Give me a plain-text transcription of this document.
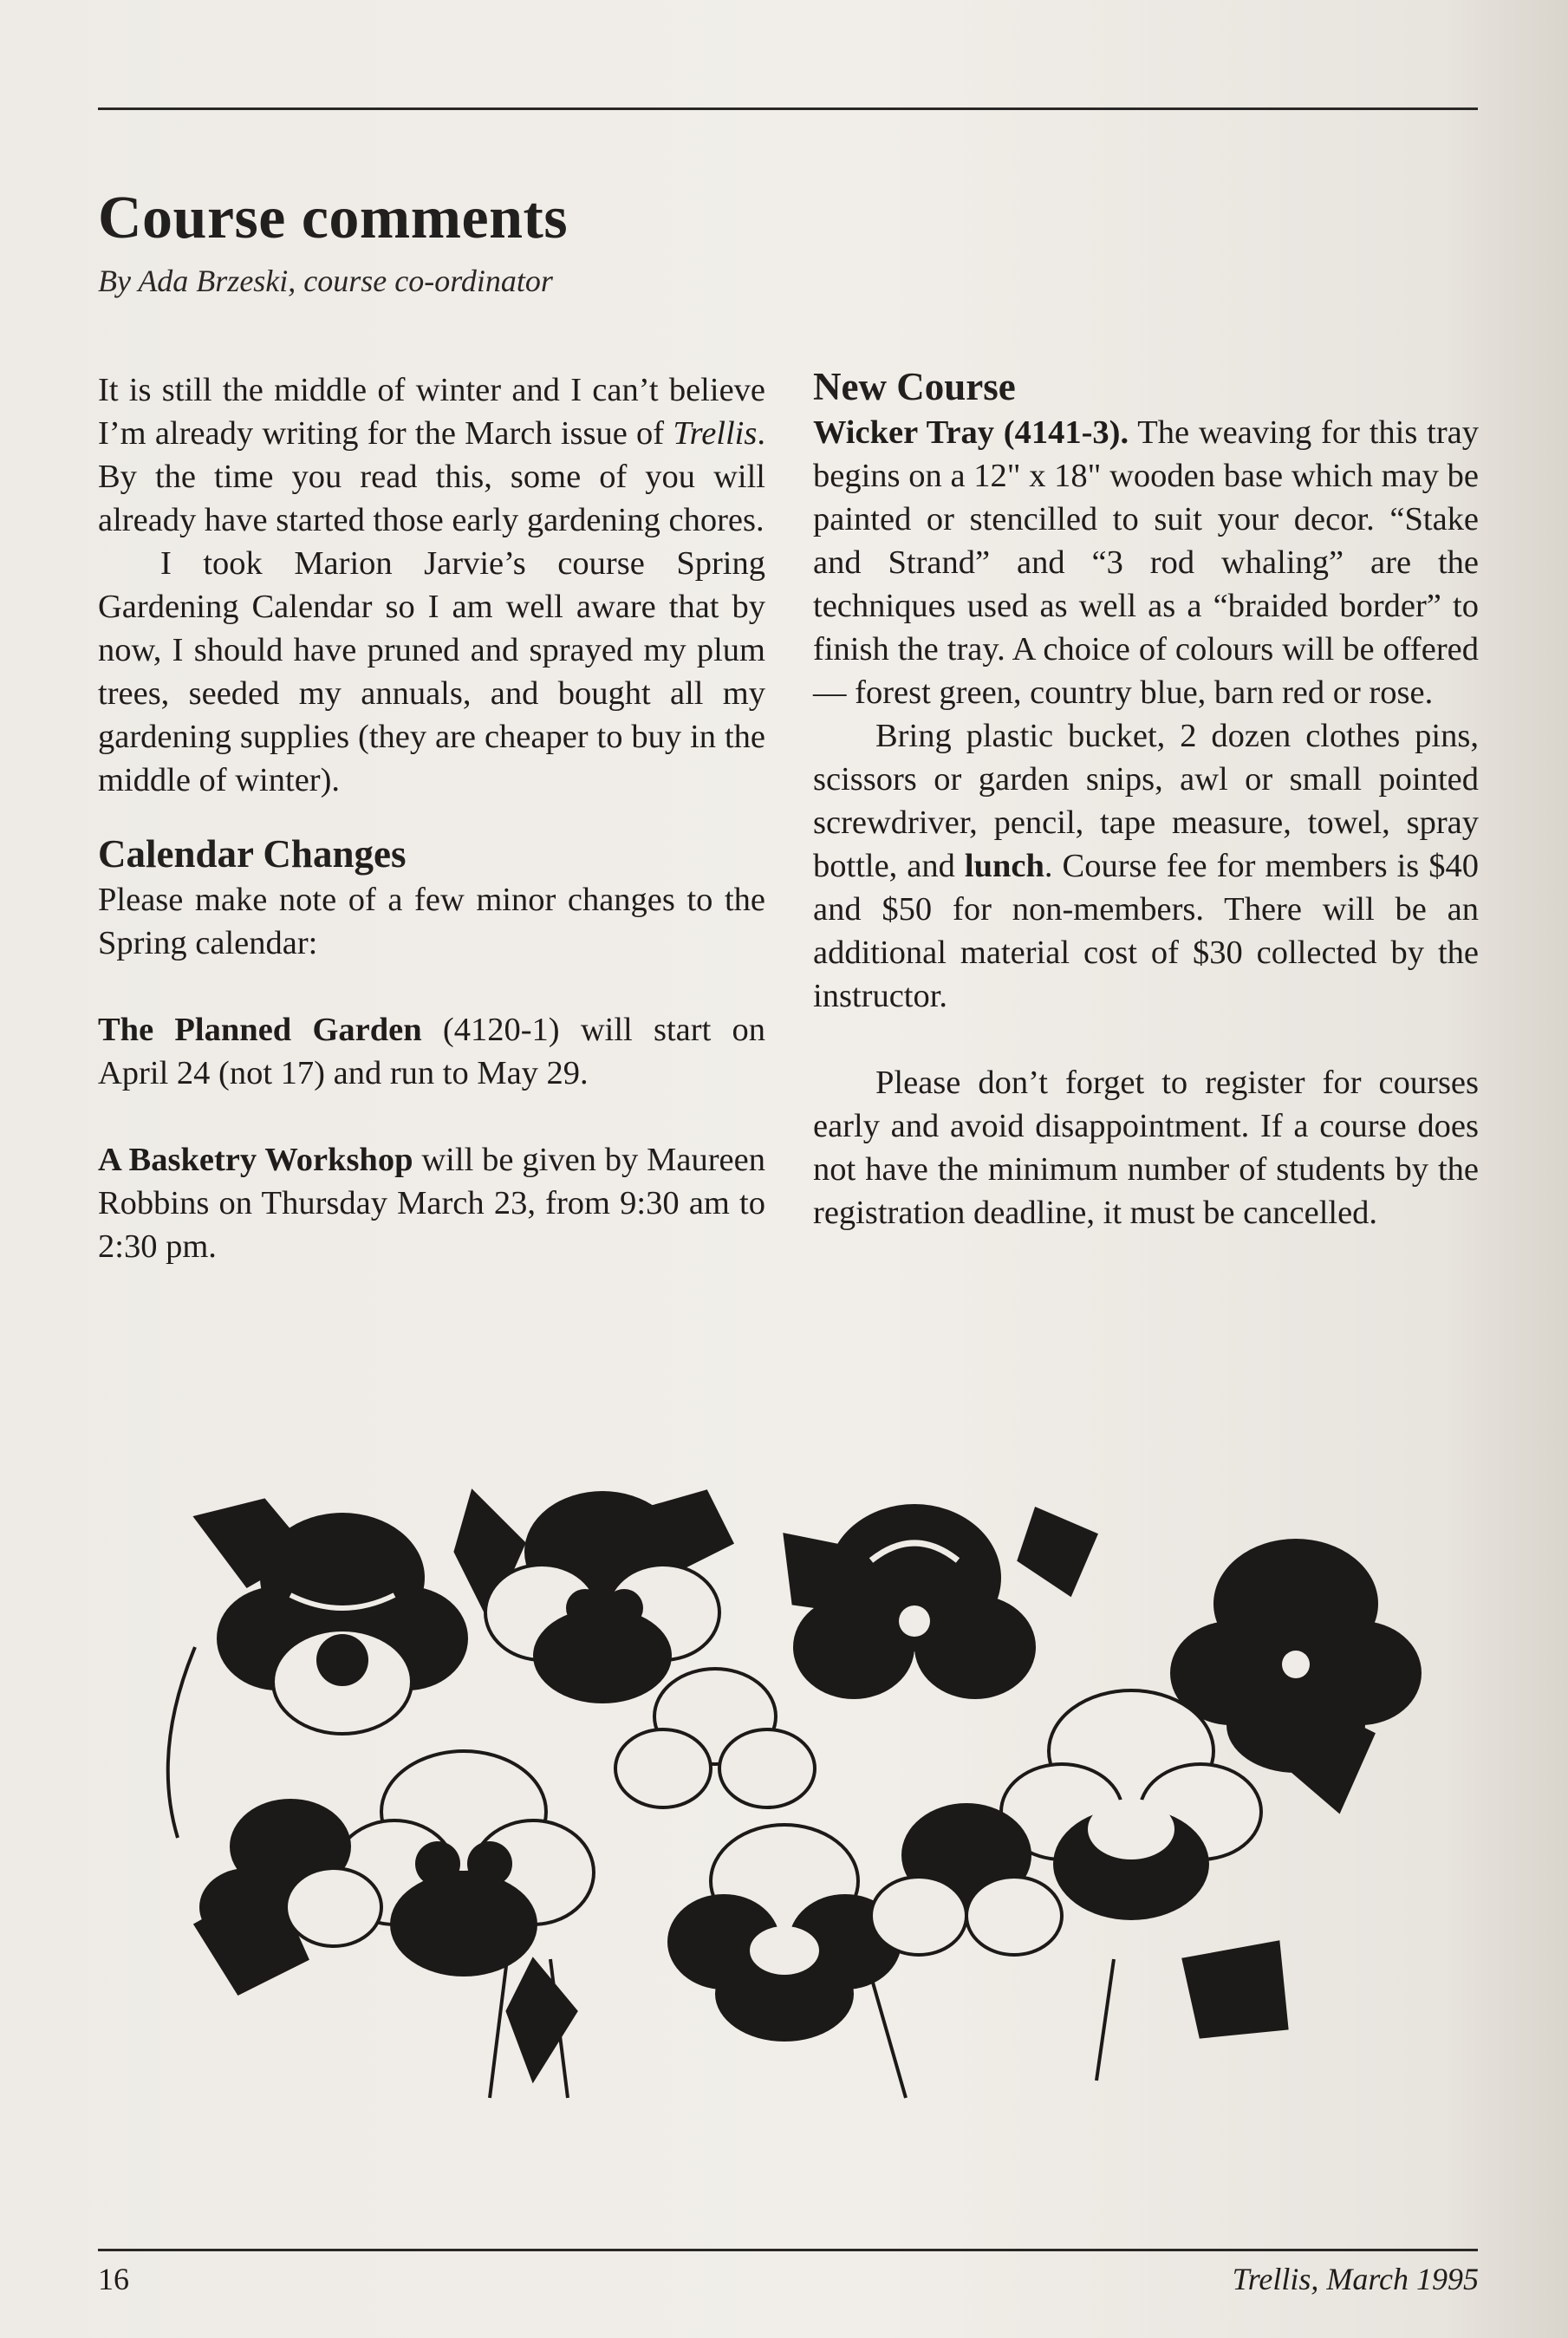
Course comments
By Ada Brzeski, course co-ordinator

It is still the middle of winter and I can’t believe I’m already writing for the March issue of Trellis. By the time you read this, some of you will already have started those early gardening chores.

I took Marion Jarvie’s course Spring Gardening Calendar so I am well aware that by now, I should have pruned and sprayed my plum trees, seeded my annuals, and bought all my gardening supplies (they are cheaper to buy in the middle of winter).

Calendar Changes

Please make note of a few minor changes to the Spring calendar:

The Planned Garden (4120-1) will start on April 24 (not 17) and run to May 29.

A Basketry Workshop will be given by Maureen Robbins on Thursday March 23, from 9:30 am to 2:30 pm.

New Course

Wicker Tray (4141-3). The weaving for this tray begins on a 12" x 18" wooden base which may be painted or stencilled to suit your decor. “Stake and Strand” and “3 rod whaling” are the techniques used as well as a “braided border” to finish the tray. A choice of colours will be offered — forest green, country blue, barn red or rose.

Bring plastic bucket, 2 dozen clothes pins, scissors or garden snips, awl or small pointed screwdriver, pencil, tape measure, towel, spray bottle, and lunch. Course fee for members is $40 and $50 for non-members. There will be an additional material cost of $30 collected by the instructor.

Please don’t forget to register for courses early and avoid disappointment. If a course does not have the minimum number of students by the registration deadline, it must be cancelled.

16	Trellis, March 1995
